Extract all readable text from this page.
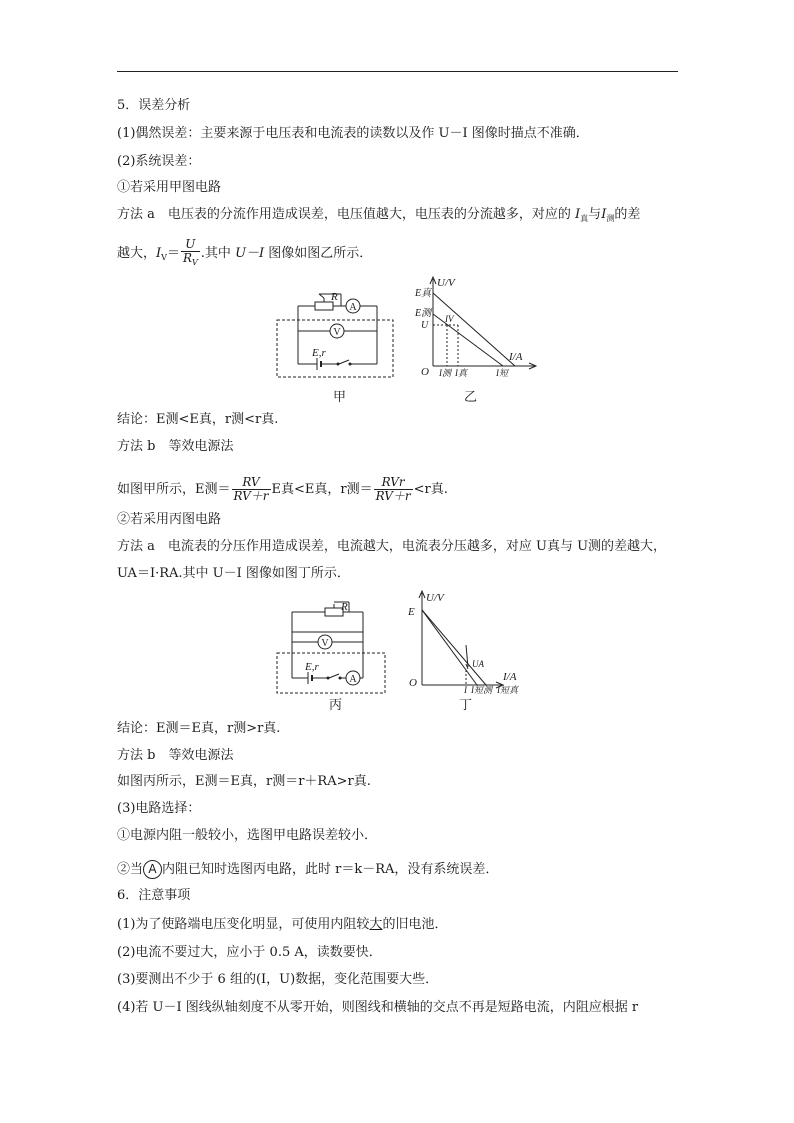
5．误差分析
(1)偶然误差：主要来源于电压表和电流表的读数以及作 U－I 图像时描点不准确．
(2)系统误差：
①若采用甲图电路
方法 a　电压表的分流作用造成误差，电压值越大，电压表的分流越多，对应的 $I_真$与$I_测$的差
越大，$I_V= \frac{U}{R_V}$ .其中 U－I 图像如图乙所示．
A
R
V
E,r
甲
U/V
I/A
O
E真
E测
U
IV
I测 I真	I短
乙
结论：E测<E真，r测<r真.
方法 b　等效电源法
如图甲所示，E测＝ $\frac{RV}{RV+r}$ E真<E真，r测＝ $\frac{\text{RVr}}{RV+r} <r$真.
②若采用丙图电路
方法 a　电流表的分压作用造成误差，电流越大，电流表分压越多，对应 U真与 U测的差越大，
UA＝I·RA.其中 U－I 图像如图丁所示．
R
V
A
E,r
丙
U/V
I/A
O
E
UA
I I短测 I短真
丁
结论：E测＝E真，r测>r真.
方法 b　等效电源法
如图丙所示，E测＝E真，r测＝r＋RA>r真.
(3)电路选择：
①电源内阻一般较小，选图甲电路误差较小．
②当 A 内阻已知时选图丙电路，此时 r＝k－RA，没有系统误差．
6．注意事项
(1)为了使路端电压变化明显，可使用内阻较大的旧电池．
(2)电流不要过大，应小于 0.5 A，读数要快．
(3)要测出不少于 6 组的(I，U)数据，变化范围要大些．
(4)若 U－I 图线纵轴刻度不从零开始，则图线和横轴的交点不再是短路电流，内阻应根据 r
